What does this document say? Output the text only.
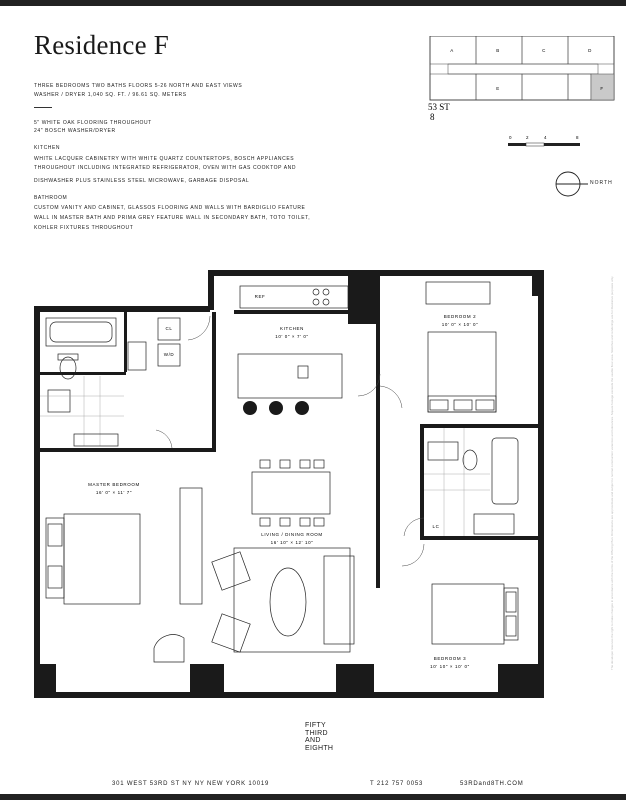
Residence F
THREE BEDROOMS TWO BATHS FLOORS 5-26 NORTH AND EAST VIEWS
WASHER / DRYER 1,040 SQ. FT. / 96.61 SQ. METERS
5" WHITE OAK FLOORING THROUGHOUT
24" BOSCH WASHER/DRYER
KITCHEN
WHITE LACQUER CABINETRY WITH WHITE QUARTZ COUNTERTOPS, BOSCH APPLIANCES
THROUGHOUT INCLUDING INTEGRATED REFRIGERATOR, OVEN WITH GAS COOKTOP AND
DISHWASHER PLUS STAINLESS STEEL MICROWAVE, GARBAGE DISPOSAL
BATHROOM
CUSTOM VANITY AND CABINET, GLASSOS FLOORING AND WALLS WITH BARDIGLIO FEATURE
WALL IN MASTER BATH AND PRIMA GREY FEATURE WALL IN SECONDARY BATH, TOTO TOILET,
KOHLER FIXTURES THROUGHOUT
A	B	C	D
E	F
53 ST
8
0	2	4	8
NORTH
CL
W/D
REF
KITCHEN
10' 0" × 7' 0"
BEDROOM 2
10' 0" × 10' 0"
LC
MASTER BEDROOM
16' 0" × 11' 7"
LIVING / DINING ROOM
16' 10" × 12' 10"
BEDROOM 3
10' 10" × 10' 0"	The developer reserves the right to make changes in accordance with the terms of the Offering Plan. Dimensions are approximate and subject to normal construction variances and tolerances. Square footage exceeds the usable floor area. Sketches and renderings are for illustrative purposes only.
FIFTY
THIRD
AND
EIGHTH
301 WEST 53RD ST NY NY NEW YORK 10019	T 212 757 0053	53RDand8TH.COM
